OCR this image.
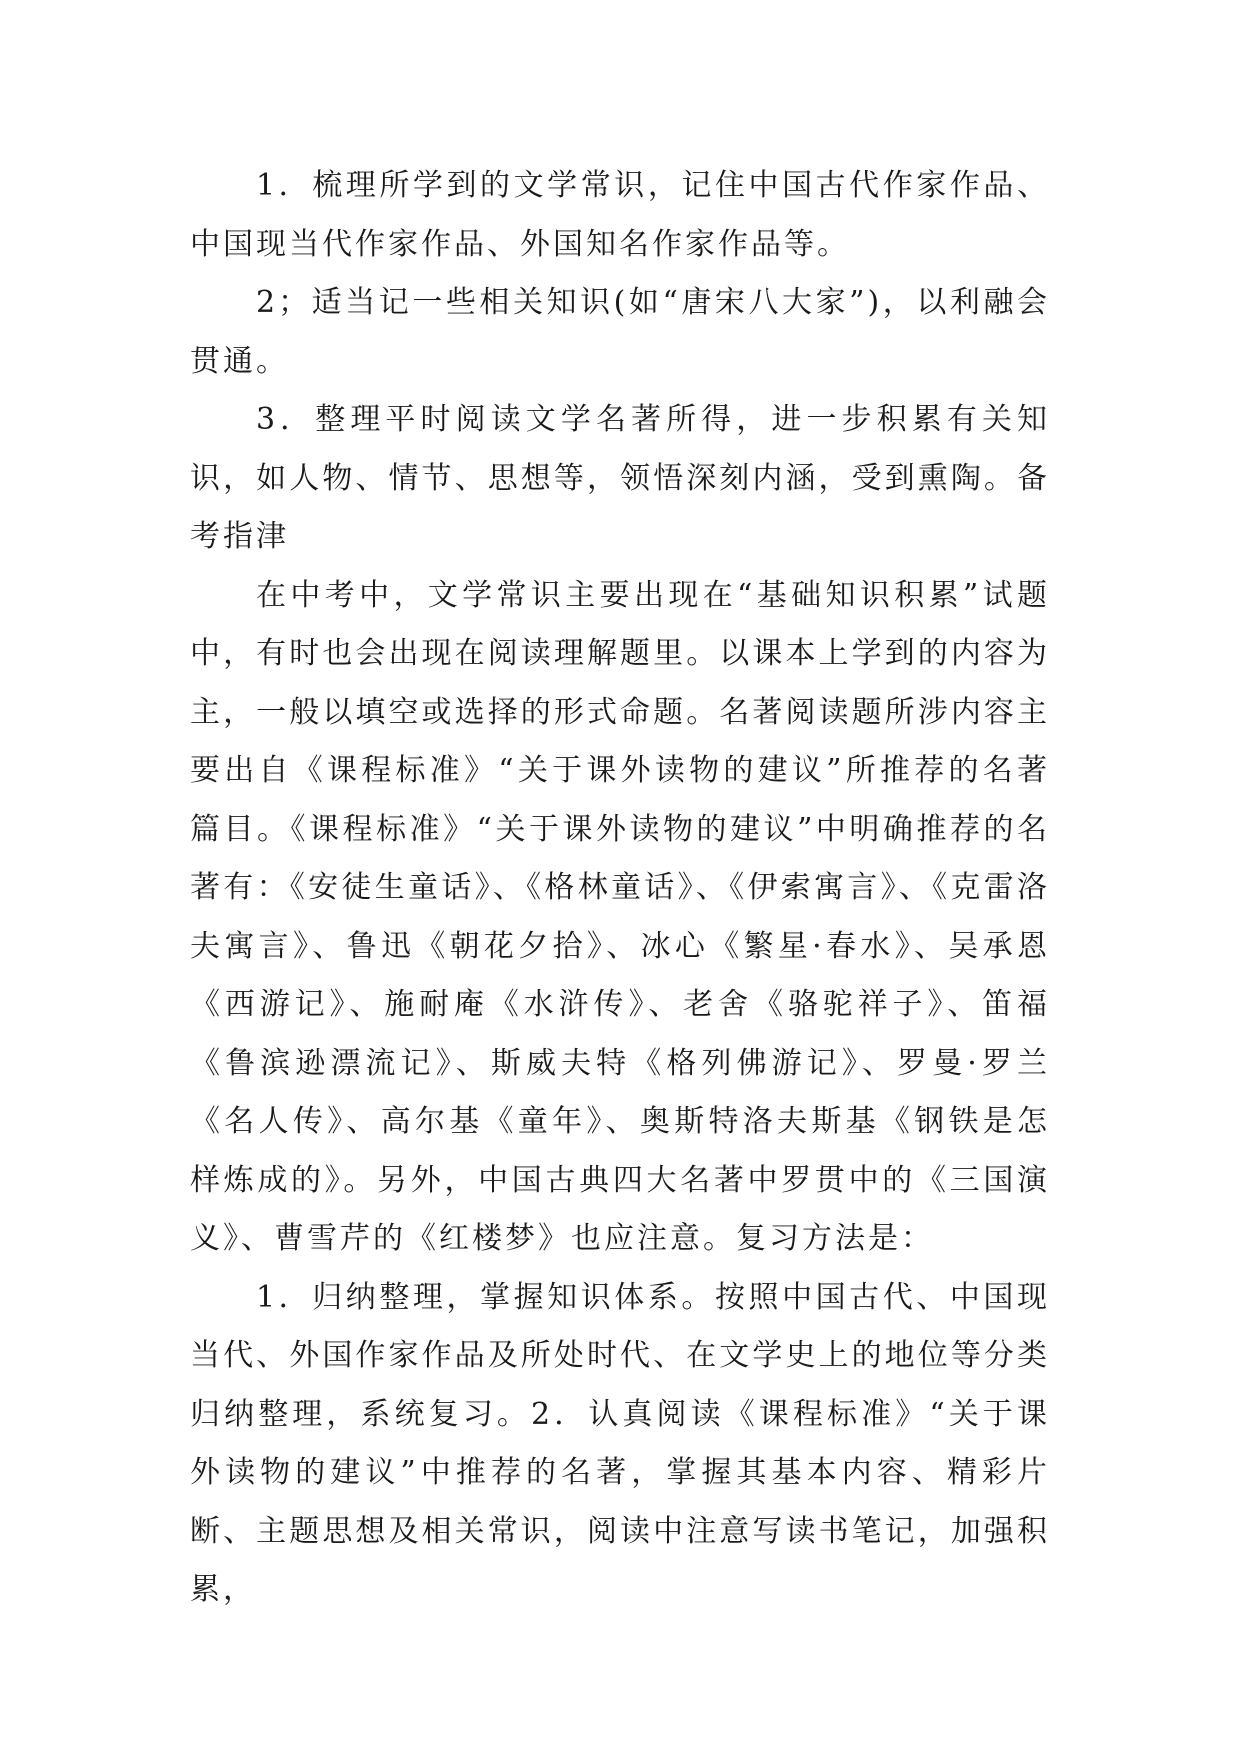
1．梳理所学到的文学常识，记住中国古代作家作品、中国现当代作家作品、外国知名作家作品等。

2；适当记一些相关知识(如“唐宋八大家”)，以利融会贯通。

3．整理平时阅读文学名著所得，进一步积累有关知识，如人物、情节、思想等，领悟深刻内涵，受到熏陶。备考指津

在中考中，文学常识主要出现在“基础知识积累”试题中，有时也会出现在阅读理解题里。以课本上学到的内容为主，一般以填空或选择的形式命题。名著阅读题所涉内容主要出自《课程标准》“关于课外读物的建议”所推荐的名著篇目。《课程标准》“关于课外读物的建议”中明确推荐的名著有：《安徒生童话》、《格林童话》、《伊索寓言》、《克雷洛夫寓言》、鲁迅《朝花夕拾》、冰心《繁星·春水》、吴承恩《西游记》、施耐庵《水浒传》、老舍《骆驼祥子》、笛福《鲁滨逊漂流记》、斯威夫特《格列佛游记》、罗曼·罗兰《名人传》、高尔基《童年》、奥斯特洛夫斯基《钢铁是怎样炼成的》。另外，中国古典四大名著中罗贯中的《三国演义》、曹雪芹的《红楼梦》也应注意。复习方法是：

1．归纳整理，掌握知识体系。按照中国古代、中国现当代、外国作家作品及所处时代、在文学史上的地位等分类归纳整理，系统复习。2．认真阅读《课程标准》“关于课外读物的建议”中推荐的名著，掌握其基本内容、精彩片断、主题思想及相关常识，阅读中注意写读书笔记，加强积累，
